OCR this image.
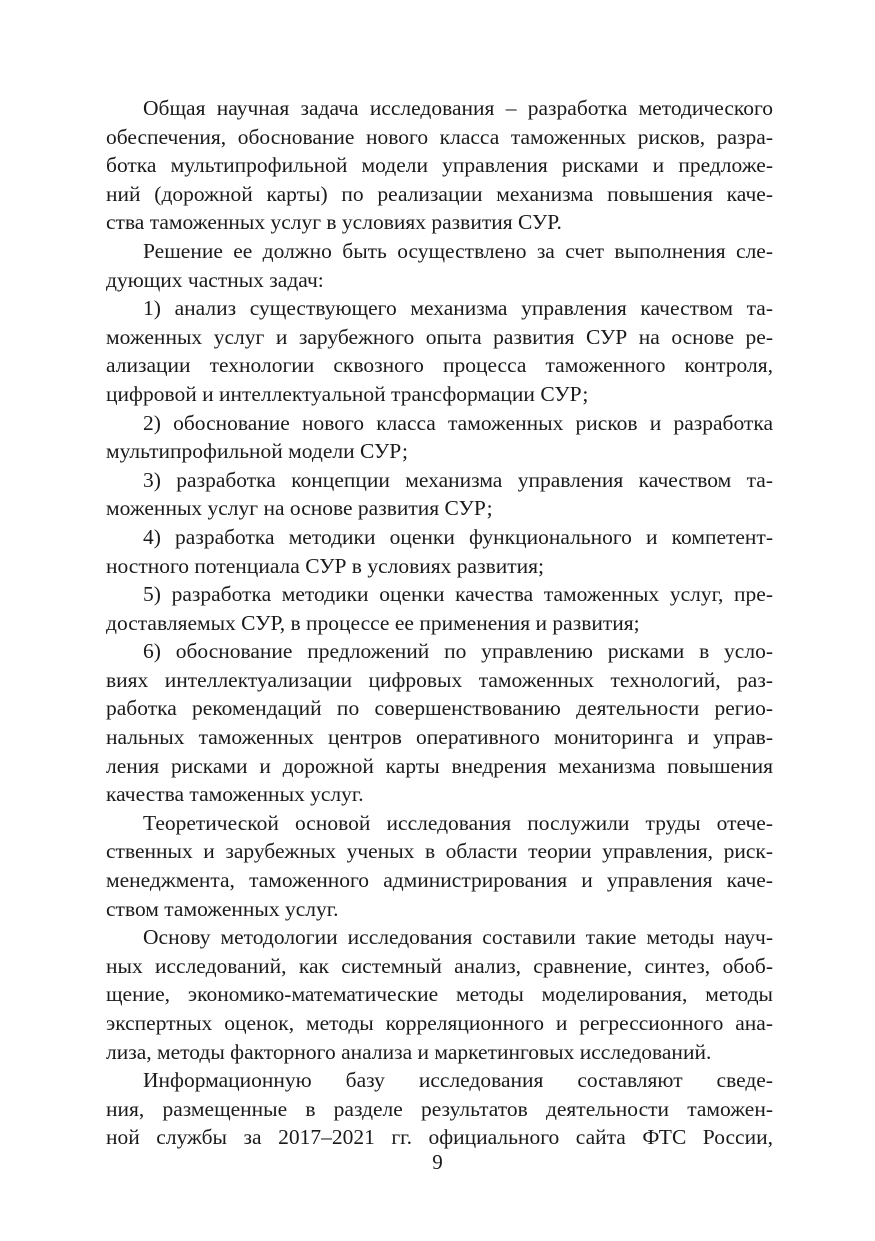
Общая научная задача исследования – разработка методического
обеспечения, обоснование нового класса таможенных рисков, разра-
ботка мультипрофильной модели управления рисками и предложе-
ний (дорожной карты) по реализации механизма повышения каче-
ства таможенных услуг в условиях развития СУР.
Решение ее должно быть осуществлено за счет выполнения сле-
дующих частных задач:
1) анализ существующего механизма управления качеством та-
моженных услуг и зарубежного опыта развития СУР на основе ре-
ализации технологии сквозного процесса таможенного контроля,
цифровой и интеллектуальной трансформации СУР;
2) обоснование нового класса таможенных рисков и разработка
мультипрофильной модели СУР;
3) разработка концепции механизма управления качеством та-
моженных услуг на основе развития СУР;
4) разработка методики оценки функционального и компетент-
ностного потенциала СУР в условиях развития;
5) разработка методики оценки качества таможенных услуг, пре-
доставляемых СУР, в процессе ее применения и развития;
6) обоснование предложений по управлению рисками в усло-
виях интеллектуализации цифровых таможенных технологий, раз-
работка рекомендаций по совершенствованию деятельности регио-
нальных таможенных центров оперативного мониторинга и управ-
ления рисками и дорожной карты внедрения механизма повышения
качества таможенных услуг.
Теоретической основой исследования послужили труды отече-
ственных и зарубежных ученых в области теории управления, риск-
менеджмента, таможенного администрирования и управления каче-
ством таможенных услуг.
Основу методологии исследования составили такие методы науч-
ных исследований, как системный анализ, сравнение, синтез, обоб-
щение, экономико-математические методы моделирования, методы
экспертных оценок, методы корреляционного и регрессионного ана-
лиза, методы факторного анализа и маркетинговых исследований.
Информационную базу исследования составляют сведе-
ния, размещенные в разделе результатов деятельности таможен-
ной службы за 2017–2021 гг. официального сайта ФТС России,
9
